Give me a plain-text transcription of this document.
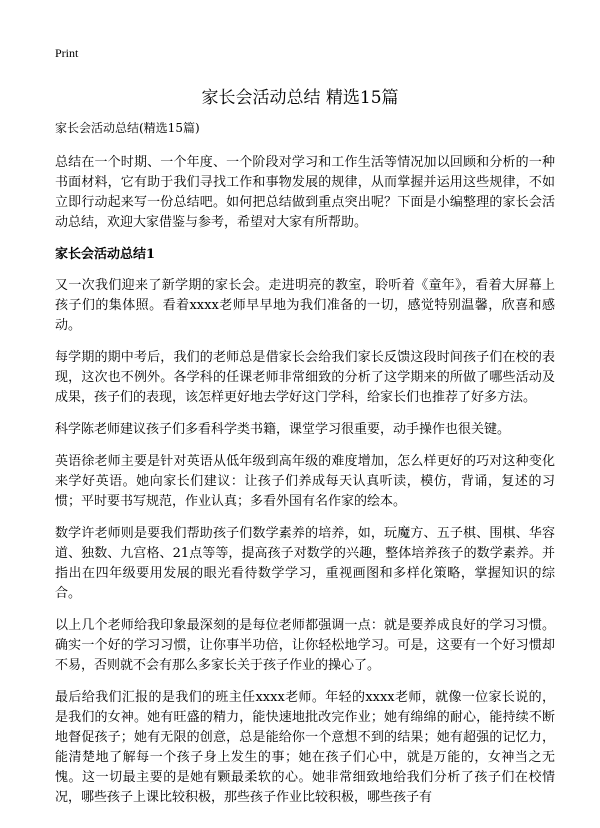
Print
家长会活动总结 精选15篇
家长会活动总结(精选15篇)

总结在一个时期、一个年度、一个阶段对学习和工作生活等情况加以回顾和分析的一种书面材料，它有助于我们寻找工作和事物发展的规律，从而掌握并运用这些规律，不如立即行动起来写一份总结吧。如何把总结做到重点突出呢？下面是小编整理的家长会活动总结，欢迎大家借鉴与参考，希望对大家有所帮助。

家长会活动总结1

又一次我们迎来了新学期的家长会。走进明亮的教室，聆听着《童年》，看着大屏幕上孩子们的集体照。看着xxxx老师早早地为我们准备的一切，感觉特别温馨，欣喜和感动。

每学期的期中考后，我们的老师总是借家长会给我们家长反馈这段时间孩子们在校的表现，这次也不例外。各学科的任课老师非常细致的分析了这学期来的所做了哪些活动及成果，孩子们的表现，该怎样更好地去学好这门学科，给家长们也推荐了好多方法。

科学陈老师建议孩子们多看科学类书籍，课堂学习很重要，动手操作也很关键。

英语徐老师主要是针对英语从低年级到高年级的难度增加，怎么样更好的巧对这种变化来学好英语。她向家长们建议：让孩子们养成每天认真听读，模仿，背诵，复述的习惯；平时要书写规范，作业认真；多看外国有名作家的绘本。

数学许老师则是要我们帮助孩子们数学素养的培养，如，玩魔方、五子棋、围棋、华容道、独数、九宫格、21点等等，提高孩子对数学的兴趣，整体培养孩子的数学素养。并指出在四年级要用发展的眼光看待数学学习，重视画图和多样化策略，掌握知识的综合。

以上几个老师给我印象最深刻的是每位老师都强调一点：就是要养成良好的学习习惯。确实一个好的学习习惯，让你事半功倍，让你轻松地学习。可是，这要有一个好习惯却不易，否则就不会有那么多家长关于孩子作业的操心了。

最后给我们汇报的是我们的班主任xxxx老师。年轻的xxxx老师，就像一位家长说的，是我们的女神。她有旺盛的精力，能快速地批改完作业；她有绵绵的耐心，能持续不断地督促孩子；她有无限的创意，总是能给你一个意想不到的结果；她有超强的记忆力，能清楚地了解每一个孩子身上发生的事；她在孩子们心中，就是万能的，女神当之无愧。这一切最主要的是她有颗最柔软的心。她非常细致地给我们分析了孩子们在校情况，哪些孩子上课比较积极，那些孩子作业比较积极，哪些孩子有
